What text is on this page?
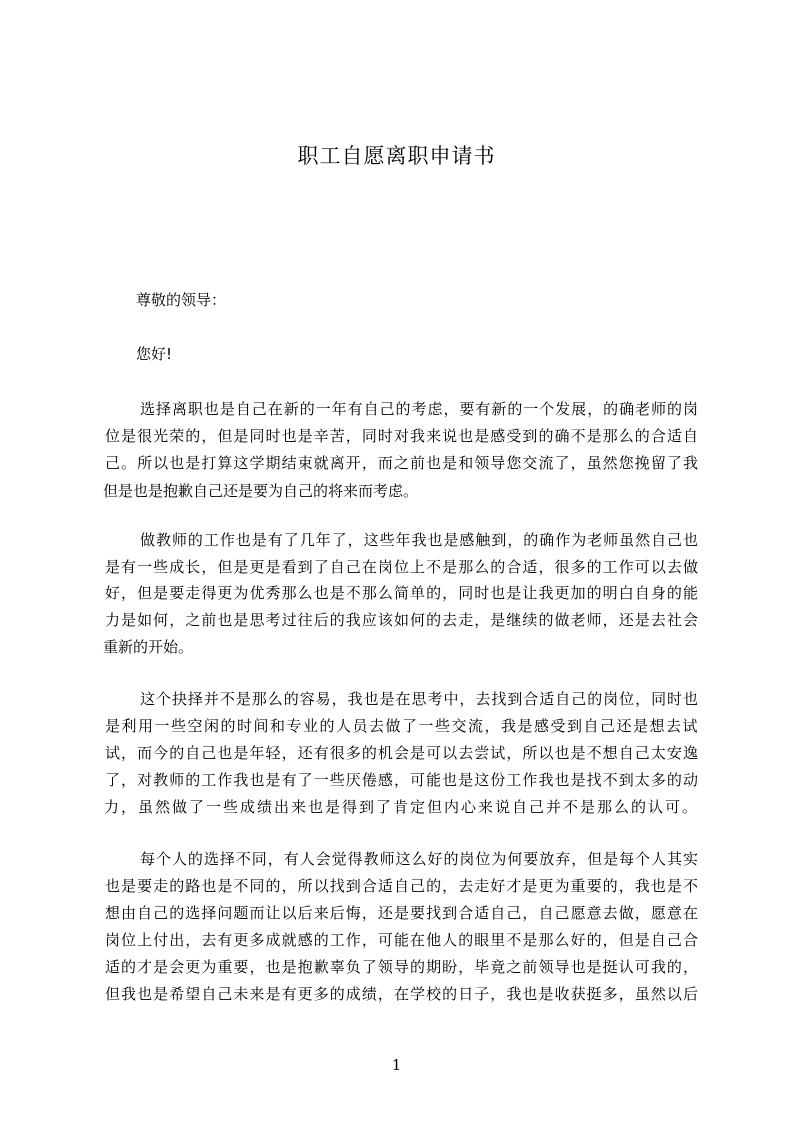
职工自愿离职申请书

尊敬的领导：

您好!

选择离职也是自己在新的一年有自己的考虑，要有新的一个发展，的确老师的岗

位是很光荣的，但是同时也是辛苦，同时对我来说也是感受到的确不是那么的合适自

己。所以也是打算这学期结束就离开，而之前也是和领导您交流了，虽然您挽留了我

但是也是抱歉自己还是要为自己的将来而考虑。

做教师的工作也是有了几年了，这些年我也是感触到，的确作为老师虽然自己也

是有一些成长，但是更是看到了自己在岗位上不是那么的合适，很多的工作可以去做

好，但是要走得更为优秀那么也是不那么简单的，同时也是让我更加的明白自身的能

力是如何，之前也是思考过往后的我应该如何的去走，是继续的做老师，还是去社会

重新的开始。

这个抉择并不是那么的容易，我也是在思考中，去找到合适自己的岗位，同时也

是利用一些空闲的时间和专业的人员去做了一些交流，我是感受到自己还是想去试

试，而今的自己也是年轻，还有很多的机会是可以去尝试，所以也是不想自己太安逸

了，对教师的工作我也是有了一些厌倦感，可能也是这份工作我也是找不到太多的动

力，虽然做了一些成绩出来也是得到了肯定但内心来说自己并不是那么的认可。

每个人的选择不同，有人会觉得教师这么好的岗位为何要放弃，但是每个人其实

也是要走的路也是不同的，所以找到合适自己的，去走好才是更为重要的，我也是不

想由自己的选择问题而让以后来后悔，还是要找到合适自己，自己愿意去做，愿意在

岗位上付出，去有更多成就感的工作，可能在他人的眼里不是那么好的，但是自己合

适的才是会更为重要，也是抱歉辜负了领导的期盼，毕竟之前领导也是挺认可我的，

但我也是希望自己未来是有更多的成绩，在学校的日子，我也是收获挺多，虽然以后

1
